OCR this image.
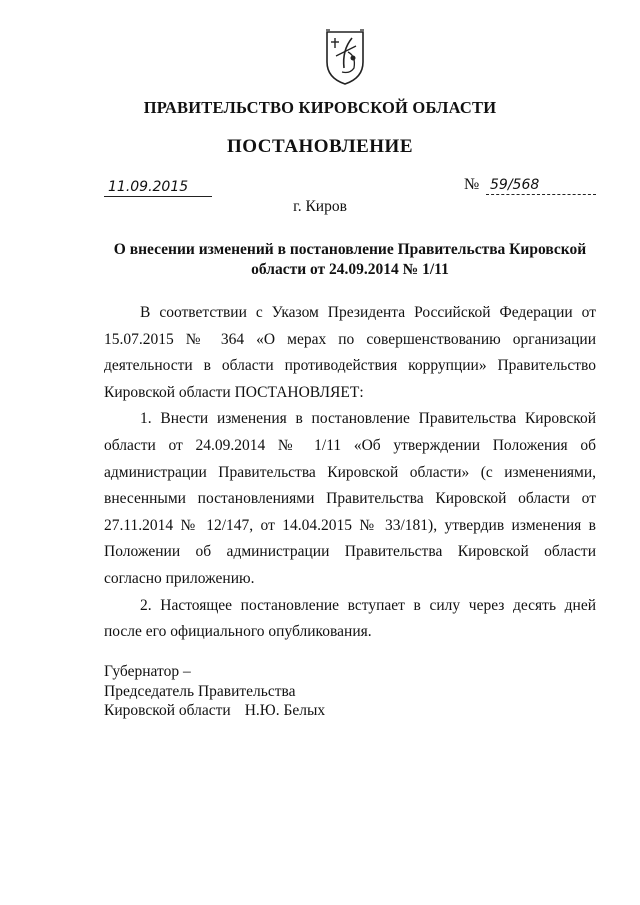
ПРАВИТЕЛЬСТВО КИРОВСКОЙ ОБЛАСТИ
ПОСТАНОВЛЕНИЕ
11.09.2015	№ 59/568
г. Киров
О внесении изменений в постановление Правительства Кировской области от 24.09.2014 № 1/11

В соответствии с Указом Президента Российской Федерации от 15.07.2015 № 364 «О мерах по совершенствованию организации деятельности в области противодействия коррупции» Правительство Кировской области ПОСТАНОВЛЯЕТ:

1. Внести изменения в постановление Правительства Кировской области от 24.09.2014 № 1/11 «Об утверждении Положения об администрации Правительства Кировской области» (с изменениями, внесенными постановлениями Правительства Кировской области от 27.11.2014 № 12/147, от 14.04.2015 № 33/181), утвердив изменения в Положении об администрации Правительства Кировской области согласно приложению.

2. Настоящее постановление вступает в силу через десять дней после его официального опубликования.

Губернатор –
Председатель Правительства
Кировской области Н.Ю. Белых
